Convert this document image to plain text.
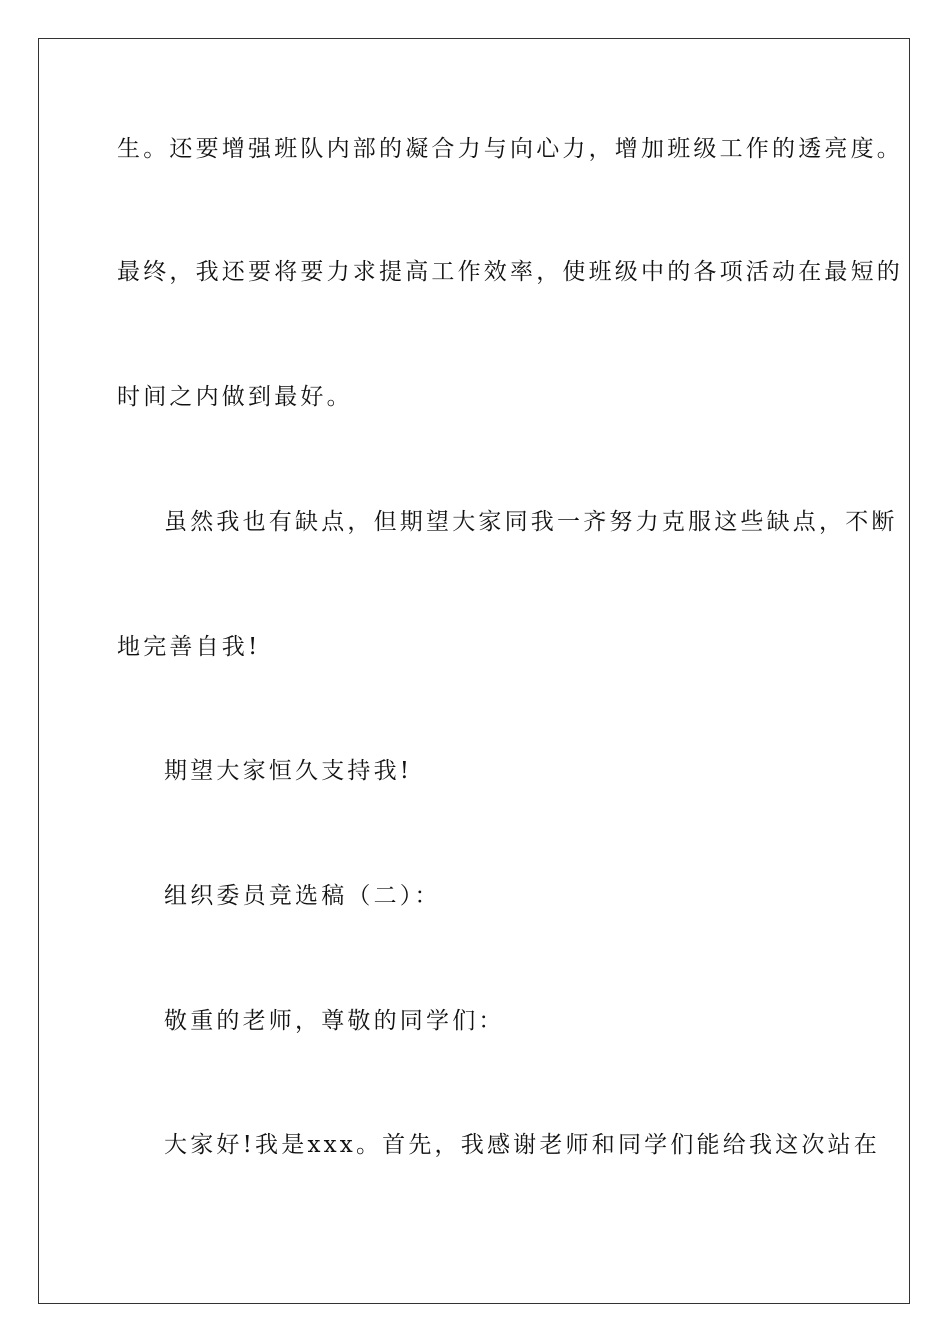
生。还要增强班队内部的凝合力与向心力，增加班级工作的透亮度。

最终，我还要将要力求提高工作效率，使班级中的各项活动在最短的

时间之内做到最好。

虽然我也有缺点，但期望大家同我一齐努力克服这些缺点，不断

地完善自我!

期望大家恒久支持我!

组织委员竞选稿（二）：

敬重的老师，尊敬的同学们：

大家好!我是xxx。首先，我感谢老师和同学们能给我这次站在
